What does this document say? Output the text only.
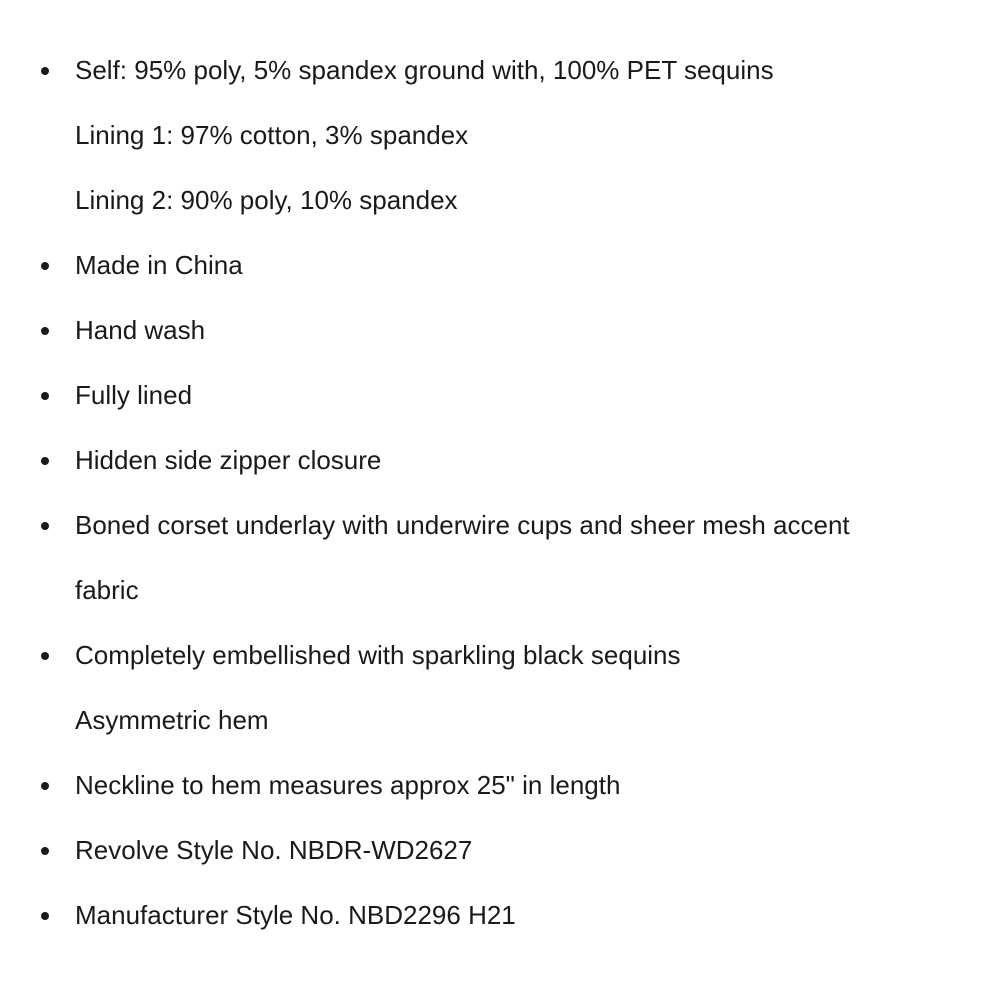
Self: 95% poly, 5% spandex ground with, 100% PET sequins
Lining 1: 97% cotton, 3% spandex
Lining 2: 90% poly, 10% spandex
Made in China
Hand wash
Fully lined
Hidden side zipper closure
Boned corset underlay with underwire cups and sheer mesh accent
fabric
Completely embellished with sparkling black sequins
Asymmetric hem
Neckline to hem measures approx 25" in length
Revolve Style No. NBDR-WD2627
Manufacturer Style No. NBD2296 H21
